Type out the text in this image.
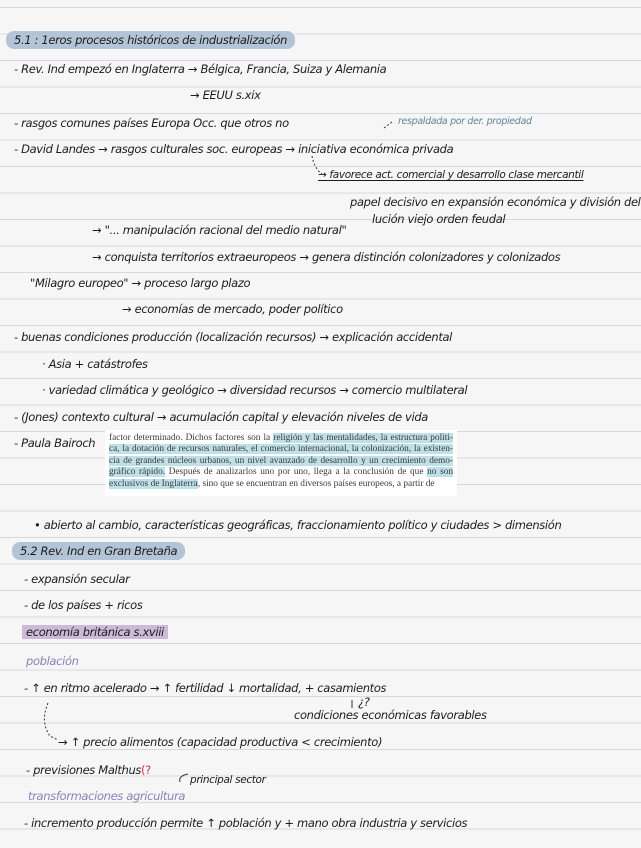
5.1 : 1eros procesos históricos de industrialización
- Rev. Ind empezó en Inglaterra → Bélgica, Francia, Suiza y Alemania
→ EEUU s.xix
- rasgos comunes países Europa Occ. que otros no	respaldada por der. propiedad
- David Landes → rasgos culturales soc. europeas → iniciativa económica privada
→ favorece act. comercial y desarrollo clase mercantil
papel decisivo en expansión económica y división del
lución viejo orden feudal
→ "... manipulación racional del medio natural"
→ conquista territorios extraeuropeos → genera distinción colonizadores y colonizados
"Milagro europeo" → proceso largo plazo
→ economías de mercado, poder político
- buenas condiciones producción (localización recursos) → explicación accidental
· Asia + catástrofes
· variedad climática y geológico → diversidad recursos → comercio multilateral
- (Jones) contexto cultural → acumulación capital y elevación niveles de vida
- Paula Bairoch	factor determinado. Dichos factores son la religión y las mentalidades, la estructura políti-ca, la dotación de recursos naturales, el comercio internacional, la colonización, la existen-cia de grandes núcleos urbanos, un nivel avanzado de desarrollo y un crecimiento demo-gráfico rápido. Después de analizarlos uno por uno, llega a la conclusión de que no son exclusivos de Inglaterra, sino que se encuentran en diversos países europeos, a partir de
• abierto al cambio, características geográficas, fraccionamiento político y ciudades > dimensión
5.2 Rev. Ind en Gran Bretaña
- expansión secular
- de los países + ricos
economía británica s.xviii
población
- ↑ en ritmo acelerado → ↑ fertilidad ↓ mortalidad, + casamientos
¿?
condiciones económicas favorables
→ ↑ precio alimentos (capacidad productiva < crecimiento)
- previsiones Malthus(?
principal sector
transformaciones agricultura
- incremento producción permite ↑ población y + mano obra industria y servicios
